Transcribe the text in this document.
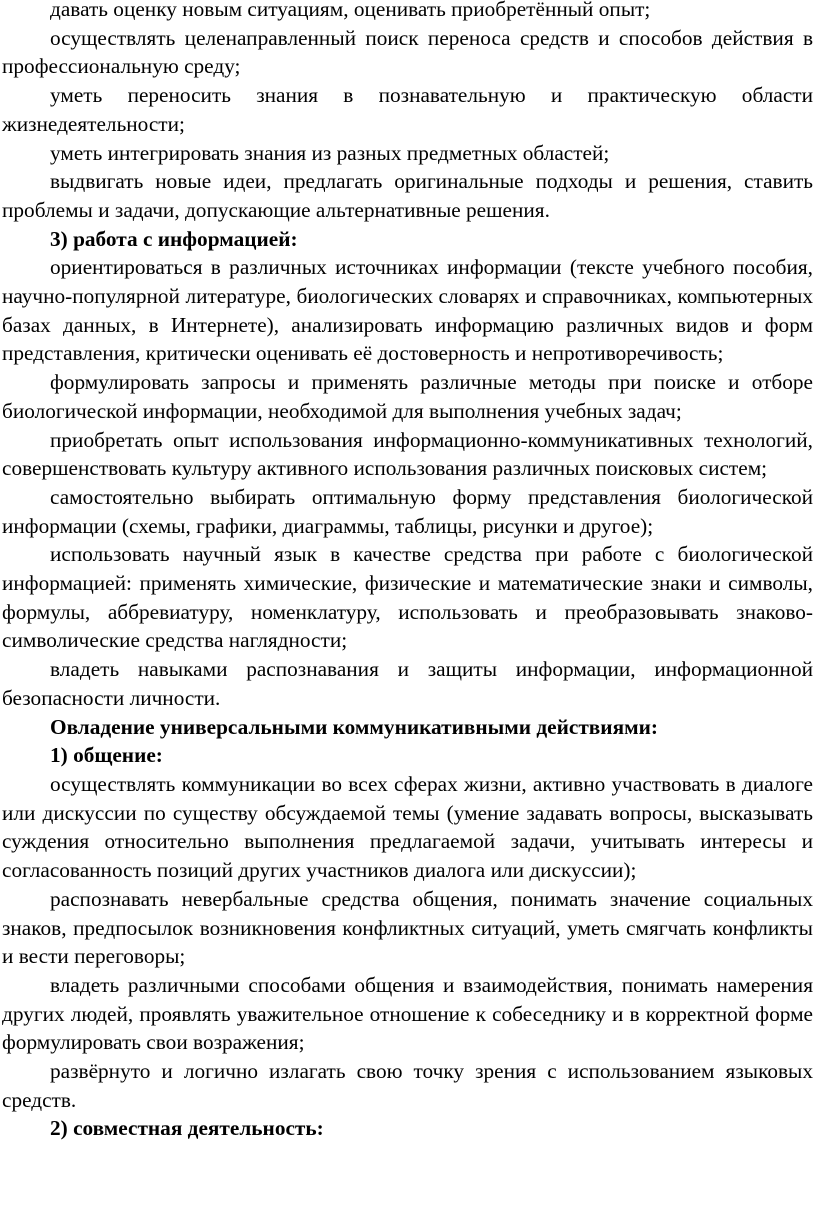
давать оценку новым ситуациям, оценивать приобретённый опыт;

осуществлять целенаправленный поиск переноса средств и способов действия в профессиональную среду;

уметь переносить знания в познавательную и практическую области жизнедеятельности;

уметь интегрировать знания из разных предметных областей;

выдвигать новые идеи, предлагать оригинальные подходы и решения, ставить проблемы и задачи, допускающие альтернативные решения.

3) работа с информацией:

ориентироваться в различных источниках информации (тексте учебного пособия, научно-популярной литературе, биологических словарях и справочниках, компьютерных базах данных, в Интернете), анализировать информацию различных видов и форм представления, критически оценивать её достоверность и непротиворечивость;

формулировать запросы и применять различные методы при поиске и отборе биологической информации, необходимой для выполнения учебных задач;

приобретать опыт использования информационно-коммуникативных технологий, совершенствовать культуру активного использования различных поисковых систем;

самостоятельно выбирать оптимальную форму представления биологической информации (схемы, графики, диаграммы, таблицы, рисунки и другое);

использовать научный язык в качестве средства при работе с биологической информацией: применять химические, физические и математические знаки и символы, формулы, аббревиатуру, номенклатуру, использовать и преобразовывать знаково-символические средства наглядности;

владеть навыками распознавания и защиты информации, информационной безопасности личности.

Овладение универсальными коммуникативными действиями:

1) общение:

осуществлять коммуникации во всех сферах жизни, активно участвовать в диалоге или дискуссии по существу обсуждаемой темы (умение задавать вопросы, высказывать суждения относительно выполнения предлагаемой задачи, учитывать интересы и согласованность позиций других участников диалога или дискуссии);

распознавать невербальные средства общения, понимать значение социальных знаков, предпосылок возникновения конфликтных ситуаций, уметь смягчать конфликты и вести переговоры;

владеть различными способами общения и взаимодействия, понимать намерения других людей, проявлять уважительное отношение к собеседнику и в корректной форме формулировать свои возражения;

развёрнуто и логично излагать свою точку зрения с использованием языковых средств.

2) совместная деятельность:
